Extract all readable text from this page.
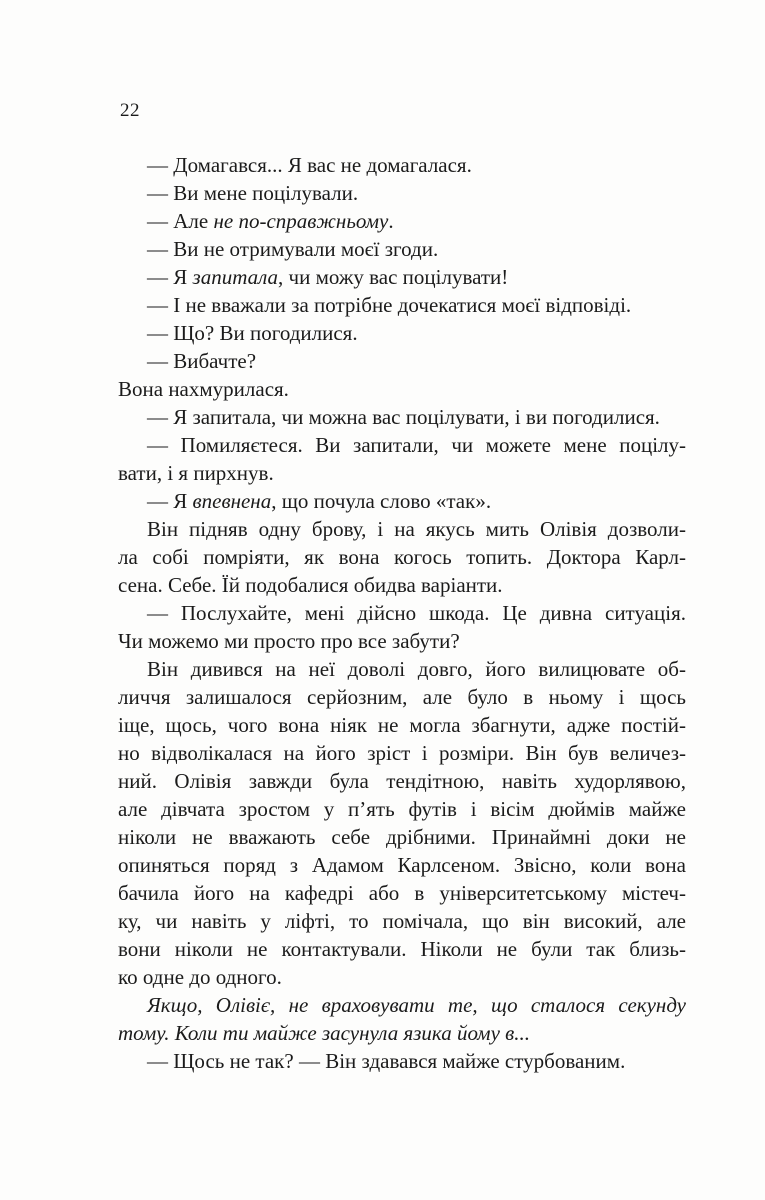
22
— Домагався... Я вас не домагалася.
— Ви мене поцілували.
— Але не по-справжньому.
— Ви не отримували моєї згоди.
— Я запитала, чи можу вас поцілувати!
— І не вважали за потрібне дочекатися моєї відповіді.
— Що? Ви погодилися.
— Вибачте?
Вона нахмурилася.
— Я запитала, чи можна вас поцілувати, і ви погодилися.
— Помиляєтеся. Ви запитали, чи можете мене поцілу-
вати, і я пирхнув.
— Я впевнена, що почула слово «так».
Він підняв одну брову, і на якусь мить Олівія дозволи-
ла собі помріяти, як вона когось топить. Доктора Карл-
сена. Себе. Їй подобалися обидва варіанти.
— Послухайте, мені дійсно шкода. Це дивна ситуація.
Чи можемо ми просто про все забути?
Він дивився на неї доволі довго, його вилицювате об-
личчя залишалося серйозним, але було в ньому і щось
іще, щось, чого вона ніяк не могла збагнути, адже постій-
но відволікалася на його зріст і розміри. Він був величез-
ний. Олівія завжди була тендітною, навіть худорлявою,
але дівчата зростом у п’ять футів і вісім дюймів майже
ніколи не вважають себе дрібними. Принаймні доки не
опиняться поряд з Адамом Карлсеном. Звісно, коли вона
бачила його на кафедрі або в університетському містеч-
ку, чи навіть у ліфті, то помічала, що він високий, але
вони ніколи не контактували. Ніколи не були так близь-
ко одне до одного.
Якщо, Олівіє, не враховувати те, що сталося секунду
тому. Коли ти майже засунула язика йому в...
— Щось не так? — Він здавався майже стурбованим.
